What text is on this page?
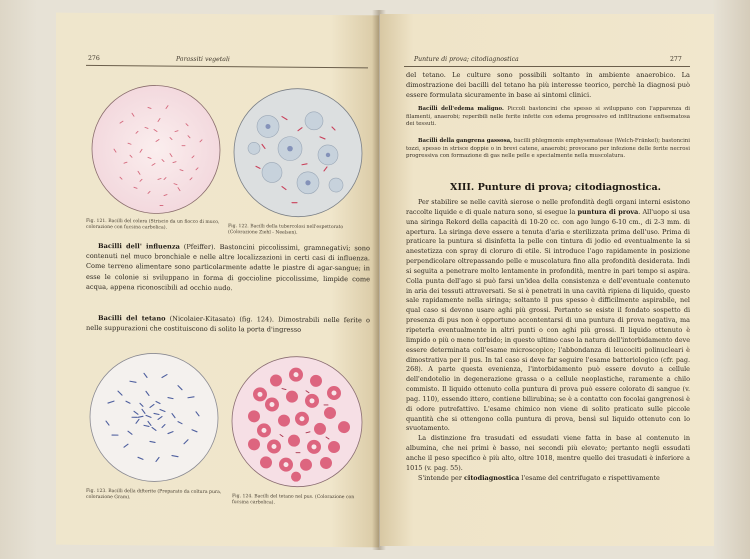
276	Parassiti vegetali
Fig. 121. Bacilli del colera (Striscio da un fiocco di muco, colorazione con fucsina carbolica).	Fig. 122. Bacilli della tubercolosi nell'espettorato (Colorazione Ziehl - Neelsen).

Bacilli dell' influenza (Pfeiffer). Bastoncini piccolissimi, gramnegativi; sono contenuti nel muco bronchiale e nelle altre localizzazioni in certi casi di influenza. Come terreno alimentare sono particolarmente adatte le piastre di agar-sangue; in esse le colonie si sviluppano in forma di goccioline piccolissime, limpide come acqua, appena riconoscibili ad occhio nudo.

Bacilli del tetano (Nicolaier-Kitasato) (fig. 124). Dimostrabili nelle ferite o nelle suppurazioni che costituiscono di solito la porta d'ingresso

Fig. 123. Bacilli della difterite (Preparato da coltura pura, colorazione Gram).	Fig. 124. Bacilli del tetano nel pus. (Colorazione con fucsina carbolica).
Punture di prova; citodiagnostica	277

del tetano. Le culture sono possibili soltanto in ambiente anaerobico. La dimostrazione dei bacilli del tetano ha più interesse teorico, perchè la diagnosi può essere formulata sicuramente in base ai sintomi clinici.

Bacilli dell'edema maligno. Piccoli bastoncini che spesso si sviluppano con l'apparenza di filamenti, anaerobi; reperibili nelle ferite infette con edema progressivo ed infiltrazione enfisematosa dei tessuti.

Bacilli della gangrena gassosa, bacilli phlegmonis emphysematosae (Welch-Fränkel); bastoncini tozzi, spesso in strisce doppie o in brevi catene, anaerobi; provocano per infezione delle ferite necrosi progressiva con formazione di gas nelle pelle e specialmente nella muscolatura.

XIII. Punture di prova; citodiagnostica.

Per stabilire se nelle cavità sierose o nelle profondità degli organi interni esistono raccolte liquide e di quale natura sono, si esegue la puntura di prova. All'uopo si usa una siringa Rekord della capacità di 10-20 cc. con ago lungo 6-10 cm., di 2-3 mm. di apertura. La siringa deve essere a tenuta d'aria e sterilizzata prima dell'uso. Prima di praticare la puntura si disinfetta la pelle con tintura di jodio ed eventualmente la si anestetizza con spray di cloruro di etile. Si introduce l'ago rapidamente in posizione perpendicolare oltrepassando pelle e muscolatura fino alla profondità desiderata. Indi si seguita a penetrare molto lentamente in profondità, mentre in pari tempo si aspira. Colla punta dell'ago si può farsi un'idea della consistenza e dell'eventuale contenuto in aria dei tessuti attraversati. Se si è penetrati in una cavità ripiena di liquido, questo sale rapidamente nella siringa; soltanto il pus spesso è difficilmente aspirabile, nel qual caso si devono usare aghi più grossi. Pertanto se esiste il fondato sospetto di presenza di pus non è opportuno accontentarsi di una puntura di prova negativa, ma ripeterla eventualmente in altri punti o con aghi più grossi. Il liquido ottenuto è limpido o più o meno torbido; in questo ultimo caso la natura dell'intorbidamento deve essere determinata coll'esame microscopico; l'abbondanza di leucociti polinucleari è dimostrativa per il pus. In tal caso si deve far seguire l'esame batteriologico (cfr. pag. 268). A parte questa evenienza, l'intorbidamento può essere dovuto a cellule dell'endotelio in degenerazione grassa o a cellule neoplastiche, raramente a chilo commisto. Il liquido ottenuto colla puntura di prova può essere colorato di sangue (v. pag. 110), essendo ittero, contiene bilirubina; se è a contatto con focolai gangrenosi è di odore putrefattivo. L'esame chimico non viene di solito praticato sulle piccole quantità che si ottengono colla puntura di prova, bensì sul liquido ottenuto con lo svuotamento.

La distinzione fra trasudati ed essudati viene fatta in base al contenuto in albumina, che nei primi è basso, nei secondi più elevato; pertanto negli essudati anche il peso specifico è più alto, oltre 1018, mentre quello dei trasudati è inferiore a 1015 (v. pag. 55).

S'intende per citodiagnostica l'esame del centrifugato e rispettivamente
